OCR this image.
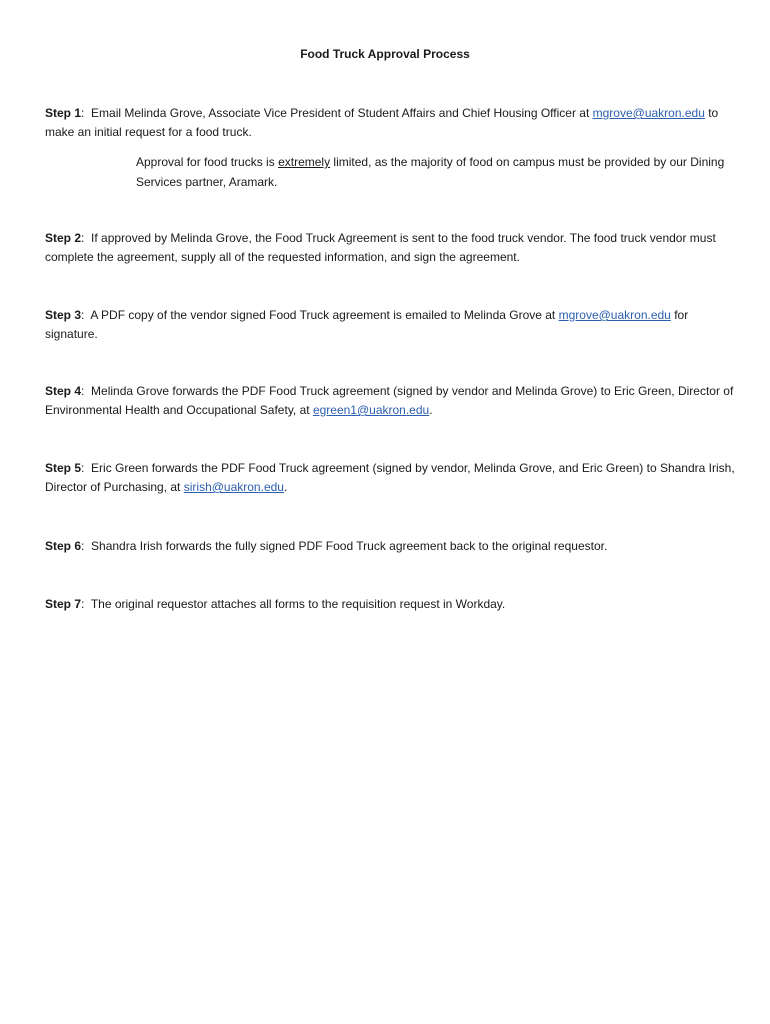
Food Truck Approval Process

Step 1:  Email Melinda Grove, Associate Vice President of Student Affairs and Chief Housing Officer at mgrove@uakron.edu to make an initial request for a food truck.

Approval for food trucks is extremely limited, as the majority of food on campus must be provided by our Dining Services partner, Aramark.

Step 2:  If approved by Melinda Grove, the Food Truck Agreement is sent to the food truck vendor. The food truck vendor must complete the agreement, supply all of the requested information, and sign the agreement.

Step 3:  A PDF copy of the vendor signed Food Truck agreement is emailed to Melinda Grove at mgrove@uakron.edu for signature.

Step 4:  Melinda Grove forwards the PDF Food Truck agreement (signed by vendor and Melinda Grove) to Eric Green, Director of Environmental Health and Occupational Safety, at egreen1@uakron.edu.

Step 5:  Eric Green forwards the PDF Food Truck agreement (signed by vendor, Melinda Grove, and Eric Green) to Shandra Irish, Director of Purchasing, at sirish@uakron.edu.

Step 6:  Shandra Irish forwards the fully signed PDF Food Truck agreement back to the original requestor.

Step 7:  The original requestor attaches all forms to the requisition request in Workday.
